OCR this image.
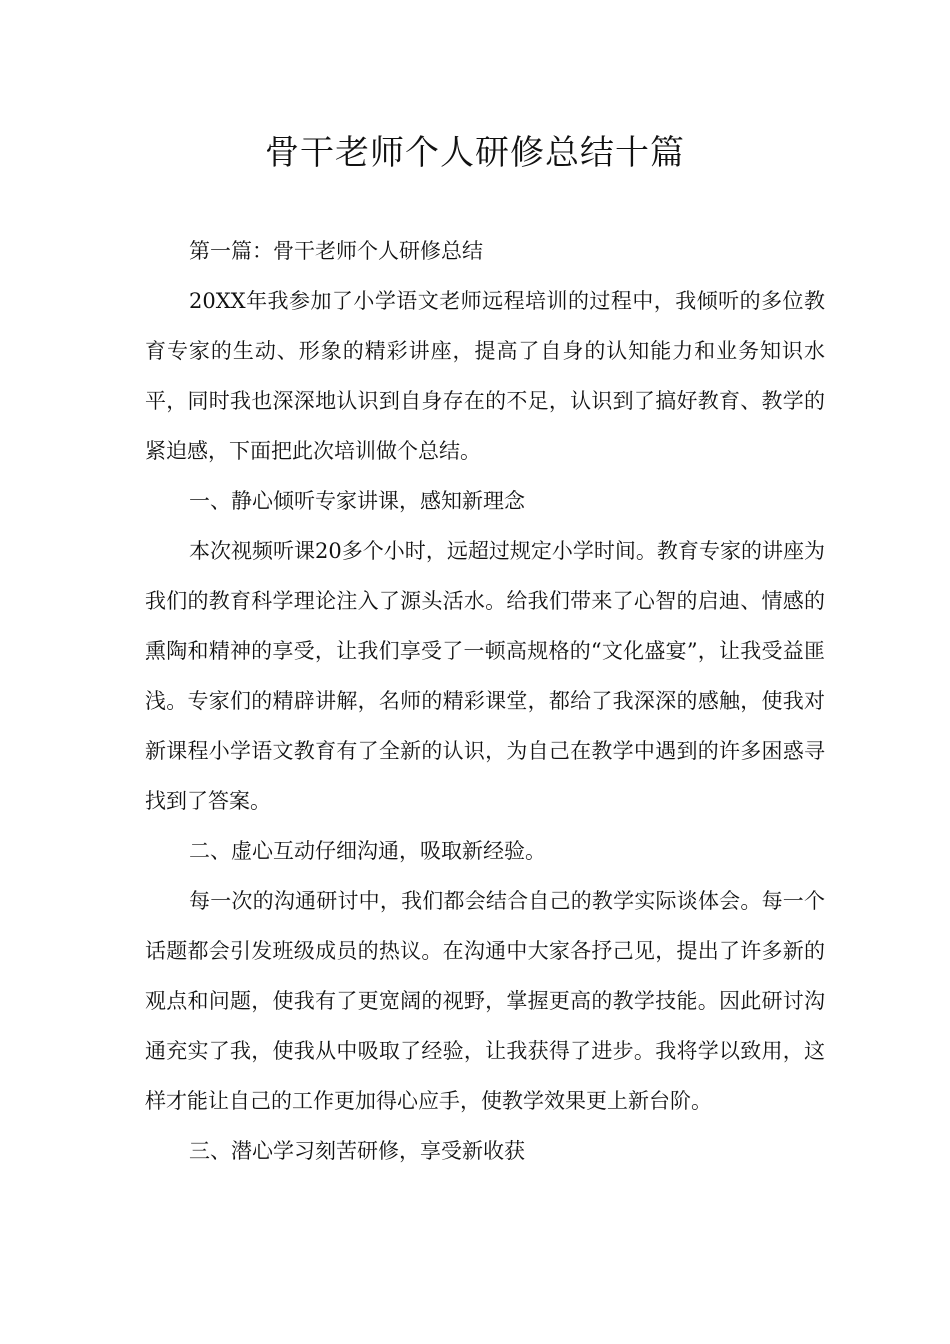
骨干老师个人研修总结十篇

第一篇：骨干老师个人研修总结

20XX年我参加了小学语文老师远程培训的过程中，我倾听的多位教育专家的生动、形象的精彩讲座，提高了自身的认知能力和业务知识水平，同时我也深深地认识到自身存在的不足，认识到了搞好教育、教学的紧迫感，下面把此次培训做个总结。

一、静心倾听专家讲课，感知新理念

本次视频听课20多个小时，远超过规定小学时间。教育专家的讲座为我们的教育科学理论注入了源头活水。给我们带来了心智的启迪、情感的熏陶和精神的享受，让我们享受了一顿高规格的“文化盛宴”，让我受益匪浅。专家们的精辟讲解，名师的精彩课堂，都给了我深深的感触，使我对新课程小学语文教育有了全新的认识，为自己在教学中遇到的许多困惑寻找到了答案。

二、虚心互动仔细沟通，吸取新经验。

每一次的沟通研讨中，我们都会结合自己的教学实际谈体会。每一个话题都会引发班级成员的热议。在沟通中大家各抒己见，提出了许多新的观点和问题，使我有了更宽阔的视野，掌握更高的教学技能。因此研讨沟通充实了我，使我从中吸取了经验，让我获得了进步。我将学以致用，这样才能让自己的工作更加得心应手，使教学效果更上新台阶。

三、潜心学习刻苦研修，享受新收获
